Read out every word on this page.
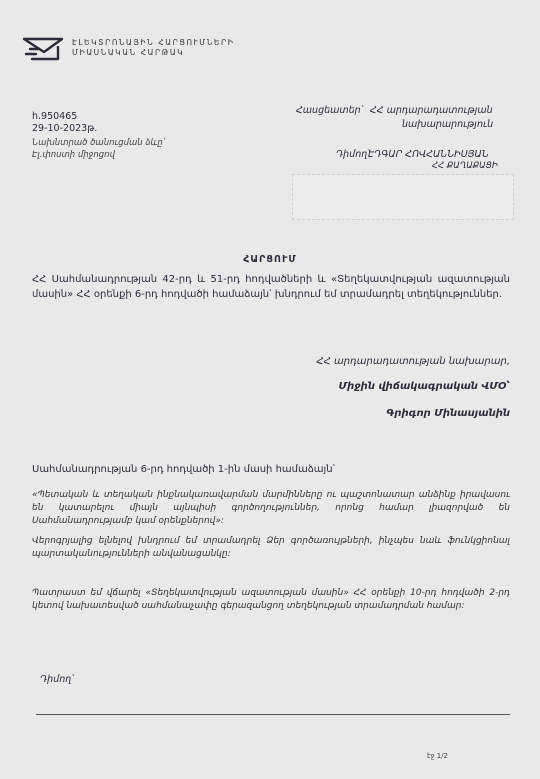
ԷԼԵԿՏՐՈՆԱՅԻՆ ՀԱՐՑՈՒՄՆԵՐԻ
ՄԻԱՍՆԱԿԱՆ ՀԱՐԹԱԿ
հ.950465
29-10-2023թ.
Նախնտրած ծանուցման ձևը՝
Էլ.փոստի միջոցով
Հասցեատեր՝ ՀՀ արդարադատության
նախարարություն
Դիմող՝
ԷԴԳԱՐ ՀՈՎՀԱՆՆԻՍՅԱՆ
ՀՀ ՔԱՂԱՔԱՑԻ
ՀԱՐՑՈՒՄ
ՀՀ Սահմանադրության 42-րդ և 51-րդ հոդվածների և «Տեղեկատվության ազատության մասին» ՀՀ օրենքի 6-րդ հոդվածի համաձայն՝ խնդրում եմ տրամադրել տեղեկություններ.
ՀՀ արդարադատության նախարար,
Միջին վիճակագրական ՎՄՕ՝
Գրիգոր Մինասյանին
Սահմանադրության 6-րդ հոդվածի 1-ին մասի համաձայն՝
«Պետական և տեղական ինքնակառավարման մարմինները ու պաշտոնատար անձինք իրավասու են կատարելու միայն այնպիսի գործողություններ, որոնց համար լիազորված են Սահմանադրությամբ կամ օրենքներով»:
Վերոգրյալից ելնելով խնդրում եմ տրամադրել Ձեր գործառույթների, ինչպես նաև ֆունկցիոնալ պարտականությունների անվանացանկը:
Պատրաստ եմ վճարել «Տեղեկատվության ազատության մասին» ՀՀ օրենքի 10-րդ հոդվածի 2-րդ կետով նախատեսված սահմանաչափը գերազանցող տեղեկության տրամադրման համար:
Դիմող՝
էջ 1/2
